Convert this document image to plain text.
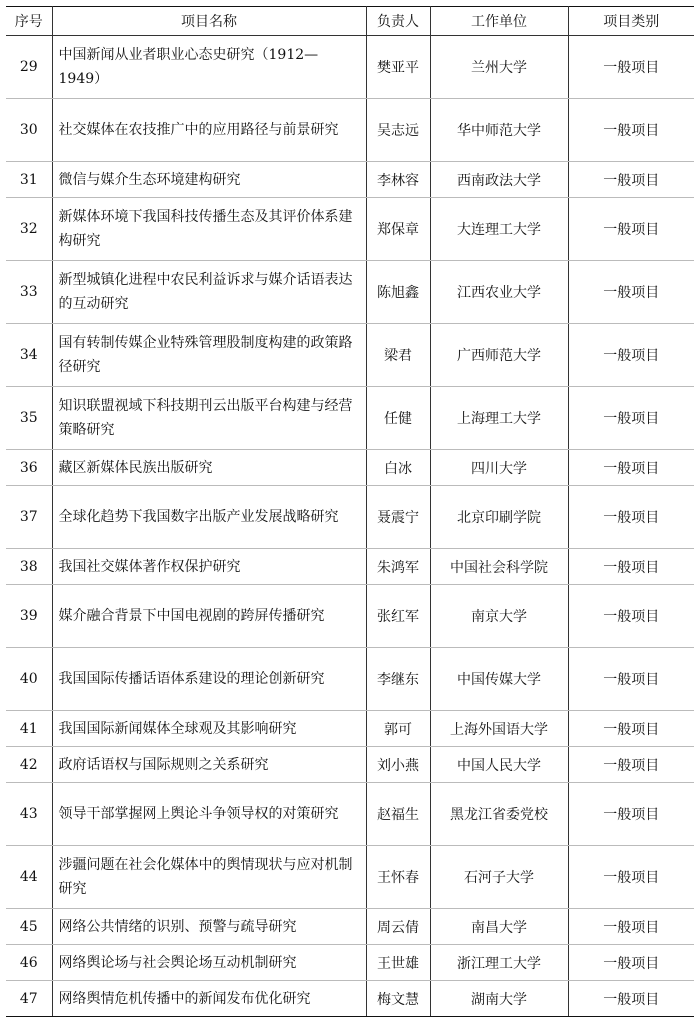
序号	项目名称	负责人	工作单位	项目类别
29	中国新闻从业者职业心态史研究（1912—1949）	樊亚平	兰州大学	一般项目
30	社交媒体在农技推广中的应用路径与前景研究	吴志远	华中师范大学	一般项目
31	微信与媒介生态环境建构研究	李林容	西南政法大学	一般项目
32	新媒体环境下我国科技传播生态及其评价体系建构研究	郑保章	大连理工大学	一般项目
33	新型城镇化进程中农民利益诉求与媒介话语表达的互动研究	陈旭鑫	江西农业大学	一般项目
34	国有转制传媒企业特殊管理股制度构建的政策路径研究	梁君	广西师范大学	一般项目
35	知识联盟视域下科技期刊云出版平台构建与经营策略研究	任健	上海理工大学	一般项目
36	藏区新媒体民族出版研究	白冰	四川大学	一般项目
37	全球化趋势下我国数字出版产业发展战略研究	聂震宁	北京印刷学院	一般项目
38	我国社交媒体著作权保护研究	朱鸿军	中国社会科学院	一般项目
39	媒介融合背景下中国电视剧的跨屏传播研究	张红军	南京大学	一般项目
40	我国国际传播话语体系建设的理论创新研究	李继东	中国传媒大学	一般项目
41	我国国际新闻媒体全球观及其影响研究	郭可	上海外国语大学	一般项目
42	政府话语权与国际规则之关系研究	刘小燕	中国人民大学	一般项目
43	领导干部掌握网上舆论斗争领导权的对策研究	赵福生	黑龙江省委党校	一般项目
44	涉疆问题在社会化媒体中的舆情现状与应对机制研究	王怀春	石河子大学	一般项目
45	网络公共情绪的识别、预警与疏导研究	周云倩	南昌大学	一般项目
46	网络舆论场与社会舆论场互动机制研究	王世雄	浙江理工大学	一般项目
47	网络舆情危机传播中的新闻发布优化研究	梅文慧	湖南大学	一般项目
